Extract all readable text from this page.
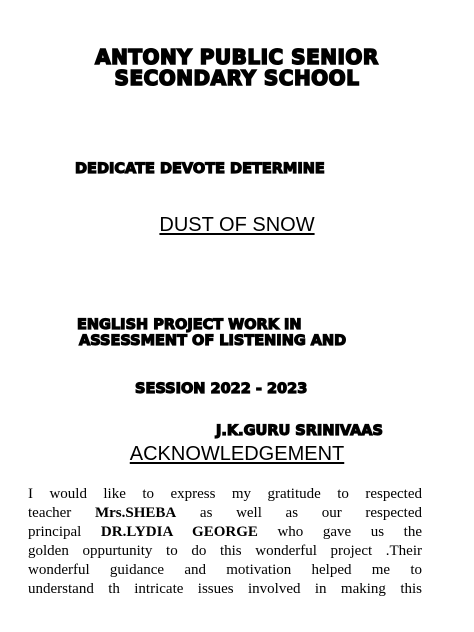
ANTONY PUBLIC SENIOR
SECONDARY SCHOOL
DEDICATE DEVOTE DETERMINE
DUST OF SNOW
ENGLISH PROJECT WORK IN
ASSESSMENT OF LISTENING AND
SESSION 2022 - 2023
J.K.GURU SRINIVAAS
ACKNOWLEDGEMENT
I would like to express my gratitude to respected
teacher Mrs.SHEBA as well as our respected
principal DR.LYDIA GEORGE who gave us the
golden oppurtunity to do this wonderful project .Their
wonderful guidance and motivation helped me to
understand th intricate issues involved in making this
